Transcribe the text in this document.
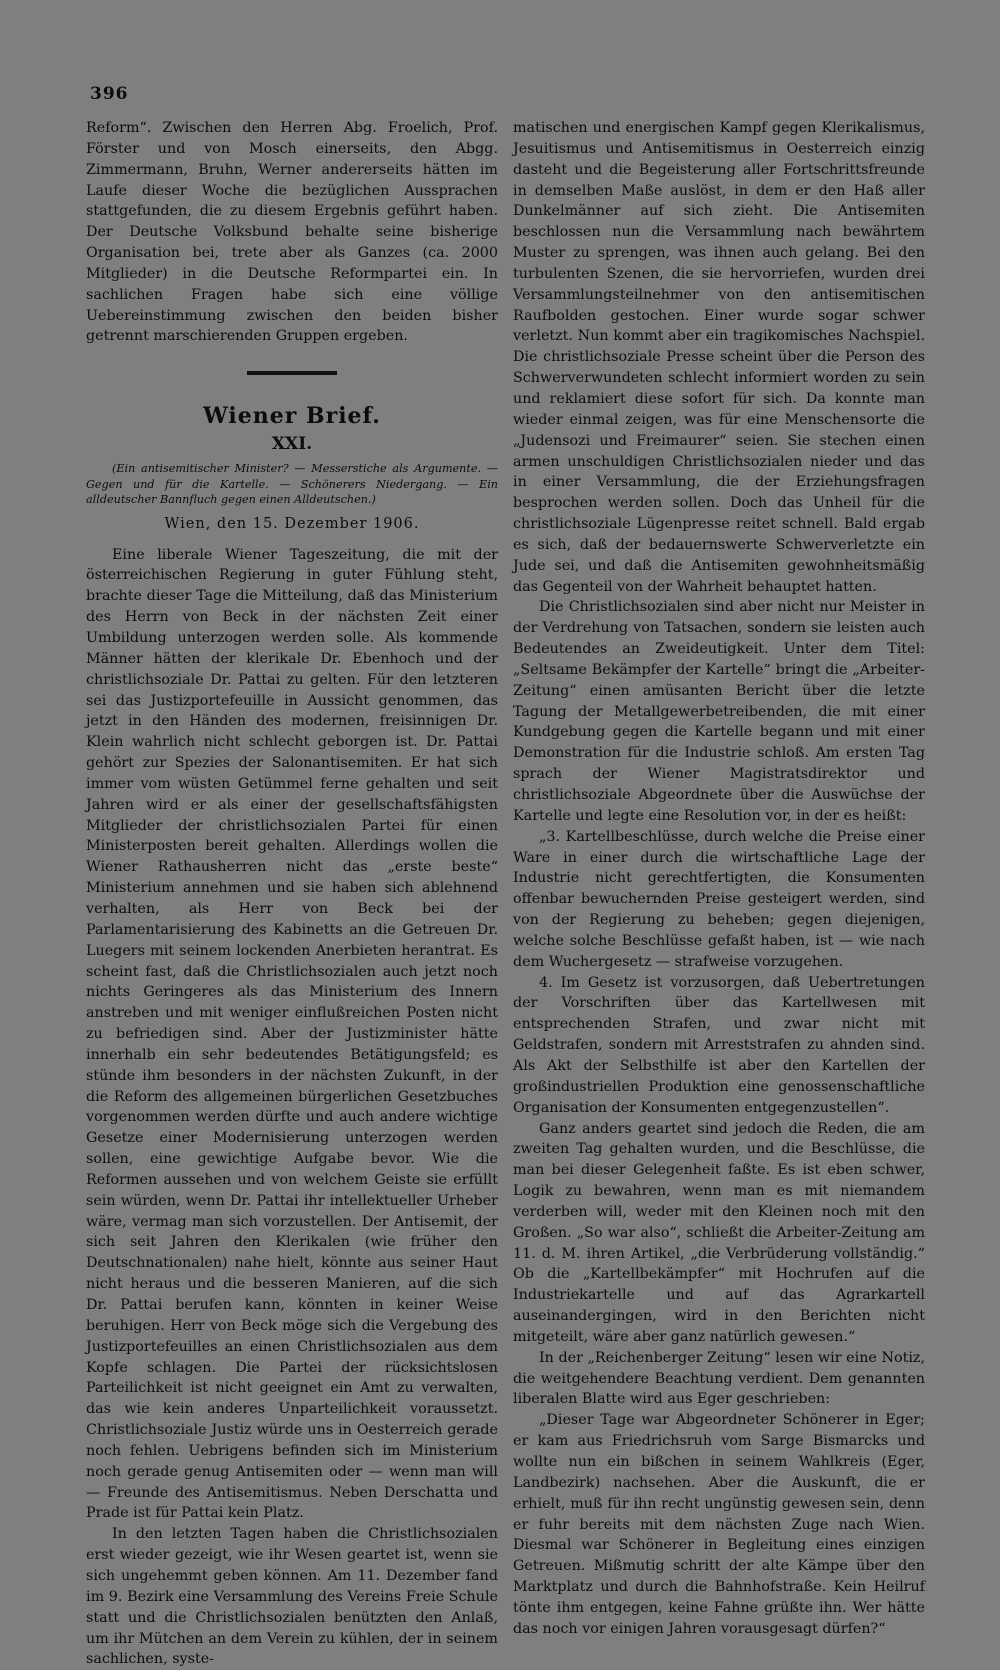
396

Reform“. Zwischen den Herren Abg. Froelich, Prof. Förster und von Mosch einerseits, den Abgg. Zimmermann, Bruhn, Werner andererseits hätten im Laufe dieser Woche die bezüglichen Aussprachen stattgefunden, die zu diesem Ergebnis geführt haben. Der Deutsche Volksbund behalte seine bisherige Organisation bei, trete aber als Ganzes (ca. 2000 Mitglieder) in die Deutsche Reformpartei ein. In sachlichen Fragen habe sich eine völlige Uebereinstimmung zwischen den beiden bisher getrennt marschierenden Gruppen ergeben.

Wiener Brief.
XXI.

(Ein antisemitischer Minister? — Messerstiche als Argumente. — Gegen und für die Kartelle. — Schönerers Niedergang. — Ein alldeutscher Bannfluch gegen einen Alldeutschen.)

Wien, den 15. Dezember 1906.

Eine liberale Wiener Tageszeitung, die mit der österreichischen Regierung in guter Fühlung steht, brachte dieser Tage die Mitteilung, daß das Ministerium des Herrn von Beck in der nächsten Zeit einer Umbildung unterzogen werden solle. Als kommende Männer hätten der klerikale Dr. Ebenhoch und der christlichsoziale Dr. Pattai zu gelten. Für den letzteren sei das Justizportefeuille in Aussicht genommen, das jetzt in den Händen des modernen, freisinnigen Dr. Klein wahrlich nicht schlecht geborgen ist. Dr. Pattai gehört zur Spezies der Salonantisemiten. Er hat sich immer vom wüsten Getümmel ferne gehalten und seit Jahren wird er als einer der gesellschaftsfähigsten Mitglieder der christlichsozialen Partei für einen Ministerposten bereit gehalten. Allerdings wollen die Wiener Rathausherren nicht das „erste beste“ Ministerium annehmen und sie haben sich ablehnend verhalten, als Herr von Beck bei der Parlamentarisierung des Kabinetts an die Getreuen Dr. Luegers mit seinem lockenden Anerbieten herantrat. Es scheint fast, daß die Christlichsozialen auch jetzt noch nichts Geringeres als das Ministerium des Innern anstreben und mit weniger einflußreichen Posten nicht zu befriedigen sind. Aber der Justizminister hätte innerhalb ein sehr bedeutendes Betätigungsfeld; es stünde ihm besonders in der nächsten Zukunft, in der die Reform des allgemeinen bürgerlichen Gesetzbuches vorgenommen werden dürfte und auch andere wichtige Gesetze einer Modernisierung unterzogen werden sollen, eine gewichtige Aufgabe bevor. Wie die Reformen aussehen und von welchem Geiste sie erfüllt sein würden, wenn Dr. Pattai ihr intellektueller Urheber wäre, vermag man sich vorzustellen. Der Antisemit, der sich seit Jahren den Klerikalen (wie früher den Deutschnationalen) nahe hielt, könnte aus seiner Haut nicht heraus und die besseren Manieren, auf die sich Dr. Pattai berufen kann, könnten in keiner Weise beruhigen. Herr von Beck möge sich die Vergebung des Justizportefeuilles an einen Christlichsozialen aus dem Kopfe schlagen. Die Partei der rücksichtslosen Parteilichkeit ist nicht geeignet ein Amt zu verwalten, das wie kein anderes Unparteilichkeit voraussetzt. Christlichsoziale Justiz würde uns in Oesterreich gerade noch fehlen. Uebrigens befinden sich im Ministerium noch gerade genug Antisemiten oder — wenn man will — Freunde des Antisemitismus. Neben Derschatta und Prade ist für Pattai kein Platz.

In den letzten Tagen haben die Christlichsozialen erst wieder gezeigt, wie ihr Wesen geartet ist, wenn sie sich ungehemmt geben können. Am 11. Dezember fand im 9. Bezirk eine Versammlung des Vereins Freie Schule statt und die Christlichsozialen benützten den Anlaß, um ihr Mütchen an dem Verein zu kühlen, der in seinem sachlichen, syste-

matischen und energischen Kampf gegen Klerikalismus, Jesuitismus und Antisemitismus in Oesterreich einzig dasteht und die Begeisterung aller Fortschrittsfreunde in demselben Maße auslöst, in dem er den Haß aller Dunkelmänner auf sich zieht. Die Antisemiten beschlossen nun die Versammlung nach bewährtem Muster zu sprengen, was ihnen auch gelang. Bei den turbulenten Szenen, die sie hervorriefen, wurden drei Versammlungsteilnehmer von den antisemitischen Raufbolden gestochen. Einer wurde sogar schwer verletzt. Nun kommt aber ein tragikomisches Nachspiel. Die christlichsoziale Presse scheint über die Person des Schwerverwundeten schlecht informiert worden zu sein und reklamiert diese sofort für sich. Da konnte man wieder einmal zeigen, was für eine Menschensorte die „Judensozi und Freimaurer“ seien. Sie stechen einen armen unschuldigen Christlichsozialen nieder und das in einer Versammlung, die der Erziehungsfragen besprochen werden sollen. Doch das Unheil für die christlichsoziale Lügenpresse reitet schnell. Bald ergab es sich, daß der bedauernswerte Schwerverletzte ein Jude sei, und daß die Antisemiten gewohnheitsmäßig das Gegenteil von der Wahrheit behauptet hatten.

Die Christlichsozialen sind aber nicht nur Meister in der Verdrehung von Tatsachen, sondern sie leisten auch Bedeutendes an Zweideutigkeit. Unter dem Titel: „Seltsame Bekämpfer der Kartelle“ bringt die „Arbeiter-Zeitung“ einen amüsanten Bericht über die letzte Tagung der Metallgewerbetreibenden, die mit einer Kundgebung gegen die Kartelle begann und mit einer Demonstration für die Industrie schloß. Am ersten Tag sprach der Wiener Magistratsdirektor und christlichsoziale Abgeordnete über die Auswüchse der Kartelle und legte eine Resolution vor, in der es heißt:

„3. Kartellbeschlüsse, durch welche die Preise einer Ware in einer durch die wirtschaftliche Lage der Industrie nicht gerechtfertigten, die Konsumenten offenbar bewuchernden Preise gesteigert werden, sind von der Regierung zu beheben; gegen diejenigen, welche solche Beschlüsse gefaßt haben, ist — wie nach dem Wuchergesetz — strafweise vorzugehen.

4. Im Gesetz ist vorzusorgen, daß Uebertretungen der Vorschriften über das Kartellwesen mit entsprechenden Strafen, und zwar nicht mit Geldstrafen, sondern mit Arreststrafen zu ahnden sind. Als Akt der Selbsthilfe ist aber den Kartellen der großindustriellen Produktion eine genossenschaftliche Organisation der Konsumenten entgegenzustellen“.

Ganz anders geartet sind jedoch die Reden, die am zweiten Tag gehalten wurden, und die Beschlüsse, die man bei dieser Gelegenheit faßte. Es ist eben schwer, Logik zu bewahren, wenn man es mit niemandem verderben will, weder mit den Kleinen noch mit den Großen. „So war also“, schließt die Arbeiter-Zeitung am 11. d. M. ihren Artikel, „die Verbrüderung vollständig.“ Ob die „Kartellbekämpfer“ mit Hochrufen auf die Industriekartelle und auf das Agrarkartell auseinandergingen, wird in den Berichten nicht mitgeteilt, wäre aber ganz natürlich gewesen.“

In der „Reichenberger Zeitung“ lesen wir eine Notiz, die weitgehendere Beachtung verdient. Dem genannten liberalen Blatte wird aus Eger geschrieben:

„Dieser Tage war Abgeordneter Schönerer in Eger; er kam aus Friedrichsruh vom Sarge Bismarcks und wollte nun ein bißchen in seinem Wahlkreis (Eger, Landbezirk) nachsehen. Aber die Auskunft, die er erhielt, muß für ihn recht ungünstig gewesen sein, denn er fuhr bereits mit dem nächsten Zuge nach Wien. Diesmal war Schönerer in Begleitung eines einzigen Getreuen. Mißmutig schritt der alte Kämpe über den Marktplatz und durch die Bahnhofstraße. Kein Heilruf tönte ihm entgegen, keine Fahne grüßte ihn. Wer hätte das noch vor einigen Jahren vorausgesagt dürfen?“
